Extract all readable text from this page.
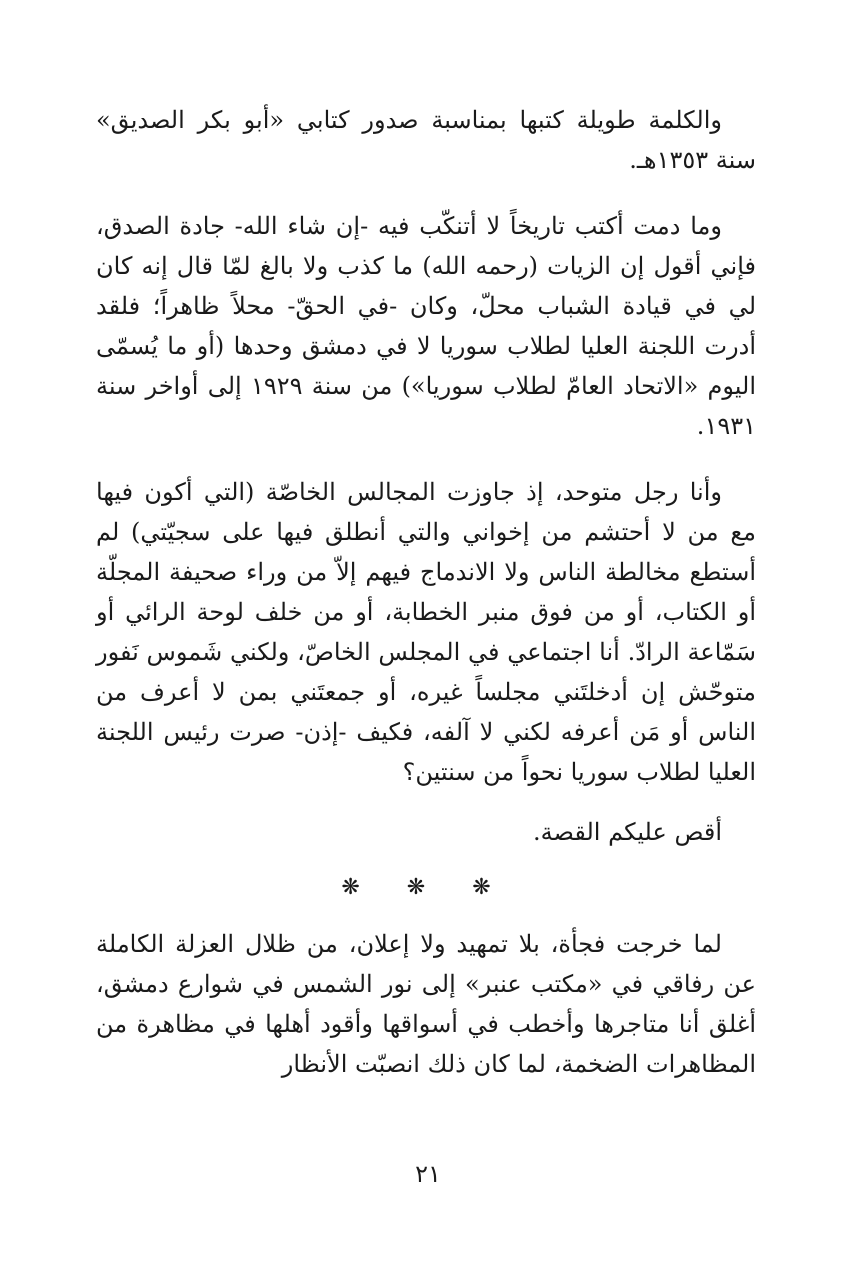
والكلمة طويلة كتبها بمناسبة صدور كتابي «أبو بكر الصديق» سنة ١٣٥٣هـ.

وما دمت أكتب تاريخاً لا أتنكّب فيه -إن شاء الله- جادة الصدق، فإني أقول إن الزيات (رحمه الله) ما كذب ولا بالغ لمّا قال إنه كان لي في قيادة الشباب محلّ، وكان -في الحقّ- محلاً ظاهراً؛ فلقد أدرت اللجنة العليا لطلاب سوريا لا في دمشق وحدها (أو ما يُسمّى اليوم «الاتحاد العامّ لطلاب سوريا») من سنة ١٩٢٩ إلى أواخر سنة ١٩٣١.

وأنا رجل متوحد، إذ جاوزت المجالس الخاصّة (التي أكون فيها مع من لا أحتشم من إخواني والتي أنطلق فيها على سجيّتي) لم أستطع مخالطة الناس ولا الاندماج فيهم إلاّ من وراء صحيفة المجلّة أو الكتاب، أو من فوق منبر الخطابة، أو من خلف لوحة الرائي أو سَمّاعة الرادّ. أنا اجتماعي في المجلس الخاصّ، ولكني شَموس نَفور متوحّش إن أدخلتَني مجلساً غيره، أو جمعتَني بمن لا أعرف من الناس أو مَن أعرفه لكني لا آلفه، فكيف -إذن- صرت رئيس اللجنة العليا لطلاب سوريا نحواً من سنتين؟

أقص عليكم القصة.

❋ ❋ ❋

لما خرجت فجأة، بلا تمهيد ولا إعلان، من ظلال العزلة الكاملة عن رفاقي في «مكتب عنبر» إلى نور الشمس في شوارع دمشق، أغلق أنا متاجرها وأخطب في أسواقها وأقود أهلها في مظاهرة من المظاهرات الضخمة، لما كان ذلك انصبّت الأنظار

٢١
